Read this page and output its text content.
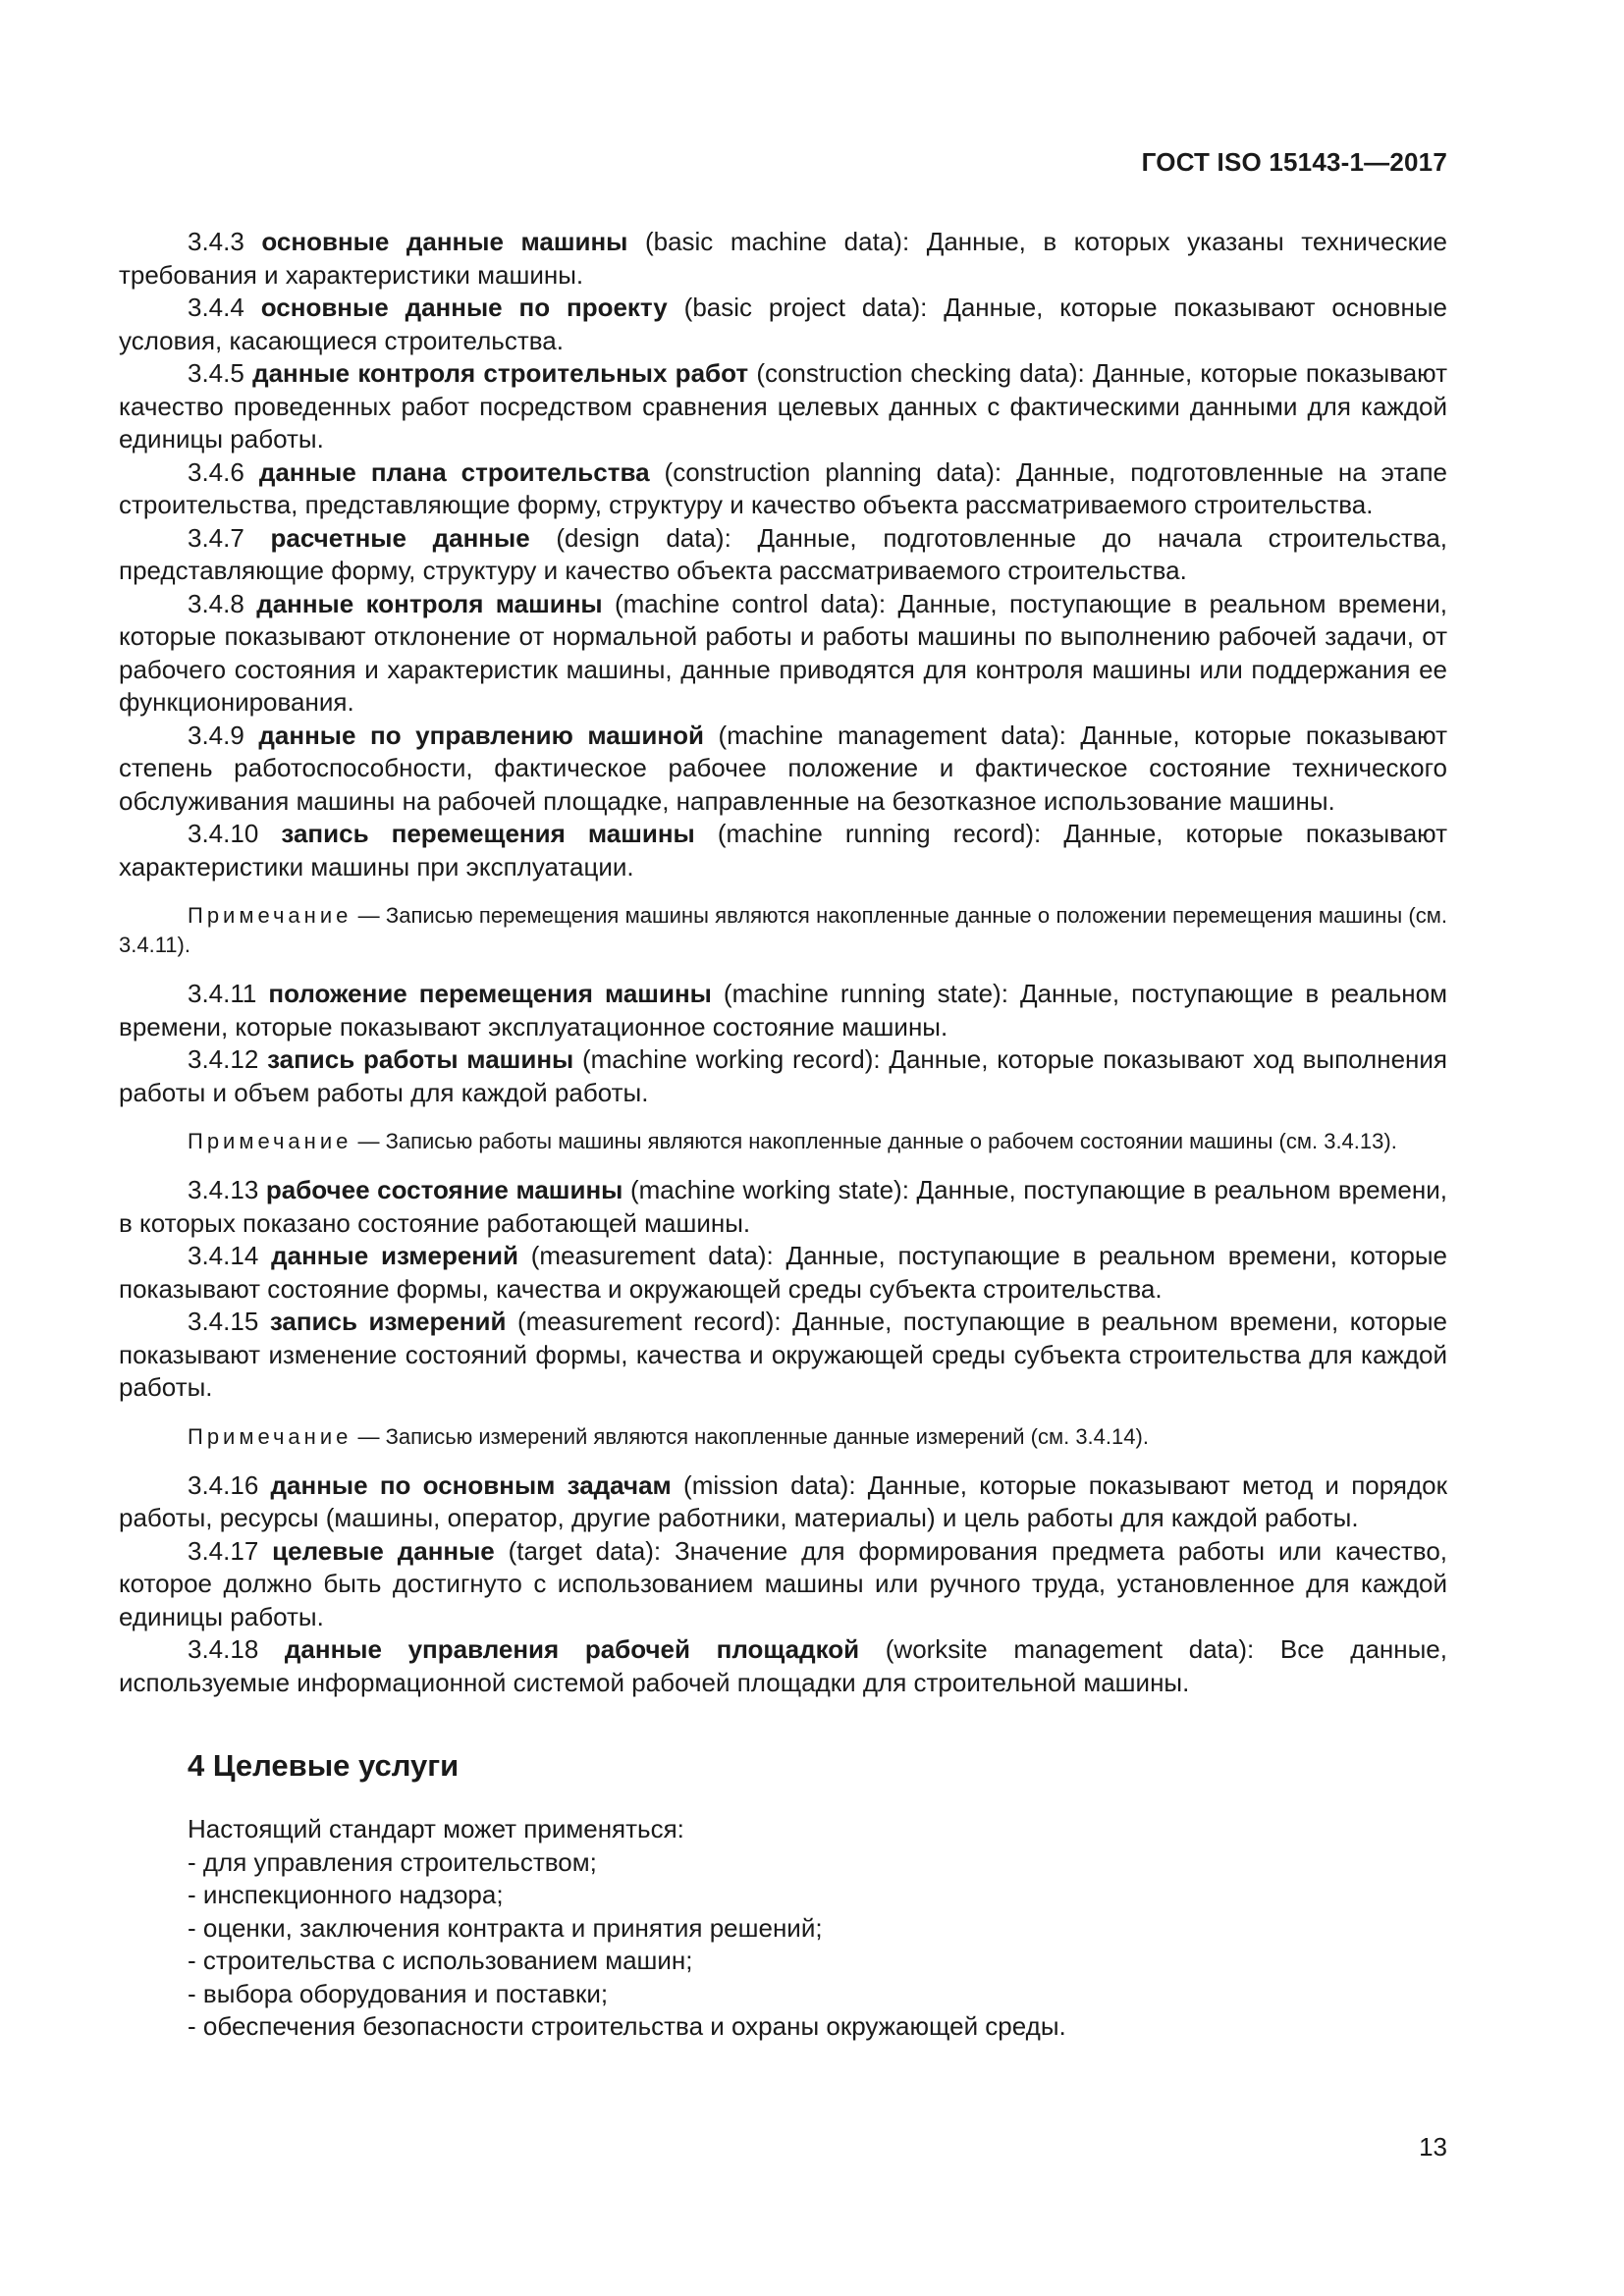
ГОСТ ISO 15143-1—2017

3.4.3 основные данные машины (basic machine data): Данные, в которых указаны технические требования и характеристики машины.

3.4.4 основные данные по проекту (basic project data): Данные, которые показывают основные условия, касающиеся строительства.

3.4.5 данные контроля строительных работ (construction checking data): Данные, которые показывают качество проведенных работ посредством сравнения целевых данных с фактическими данными для каждой единицы работы.

3.4.6 данные плана строительства (construction planning data): Данные, подготовленные на этапе строительства, представляющие форму, структуру и качество объекта рассматриваемого строительства.

3.4.7 расчетные данные (design data): Данные, подготовленные до начала строительства, представляющие форму, структуру и качество объекта рассматриваемого строительства.

3.4.8 данные контроля машины (machine control data): Данные, поступающие в реальном времени, которые показывают отклонение от нормальной работы и работы машины по выполнению рабочей задачи, от рабочего состояния и характеристик машины, данные приводятся для контроля машины или поддержания ее функционирования.

3.4.9 данные по управлению машиной (machine management data): Данные, которые показывают степень работоспособности, фактическое рабочее положение и фактическое состояние технического обслуживания машины на рабочей площадке, направленные на безотказное использование машины.

3.4.10 запись перемещения машины (machine running record): Данные, которые показывают характеристики машины при эксплуатации.

Примечание — Записью перемещения машины являются накопленные данные о положении перемещения машины (см. 3.4.11).

3.4.11 положение перемещения машины (machine running state): Данные, поступающие в реальном времени, которые показывают эксплуатационное состояние машины.

3.4.12 запись работы машины (machine working record): Данные, которые показывают ход выполнения работы и объем работы для каждой работы.

Примечание — Записью работы машины являются накопленные данные о рабочем состоянии машины (см. 3.4.13).

3.4.13 рабочее состояние машины (machine working state): Данные, поступающие в реальном времени, в которых показано состояние работающей машины.

3.4.14 данные измерений (measurement data): Данные, поступающие в реальном времени, которые показывают состояние формы, качества и окружающей среды субъекта строительства.

3.4.15 запись измерений (measurement record): Данные, поступающие в реальном времени, которые показывают изменение состояний формы, качества и окружающей среды субъекта строительства для каждой работы.

Примечание — Записью измерений являются накопленные данные измерений (см. 3.4.14).

3.4.16 данные по основным задачам (mission data): Данные, которые показывают метод и порядок работы, ресурсы (машины, оператор, другие работники, материалы) и цель работы для каждой работы.

3.4.17 целевые данные (target data): Значение для формирования предмета работы или качество, которое должно быть достигнуто с использованием машины или ручного труда, установленное для каждой единицы работы.

3.4.18 данные управления рабочей площадкой (worksite management data): Все данные, используемые информационной системой рабочей площадки для строительной машины.

4 Целевые услуги

Настоящий стандарт может применяться:

- для управления строительством;

- инспекционного надзора;

- оценки, заключения контракта и принятия решений;

- строительства с использованием машин;

- выбора оборудования и поставки;

- обеспечения безопасности строительства и охраны окружающей среды.

13
